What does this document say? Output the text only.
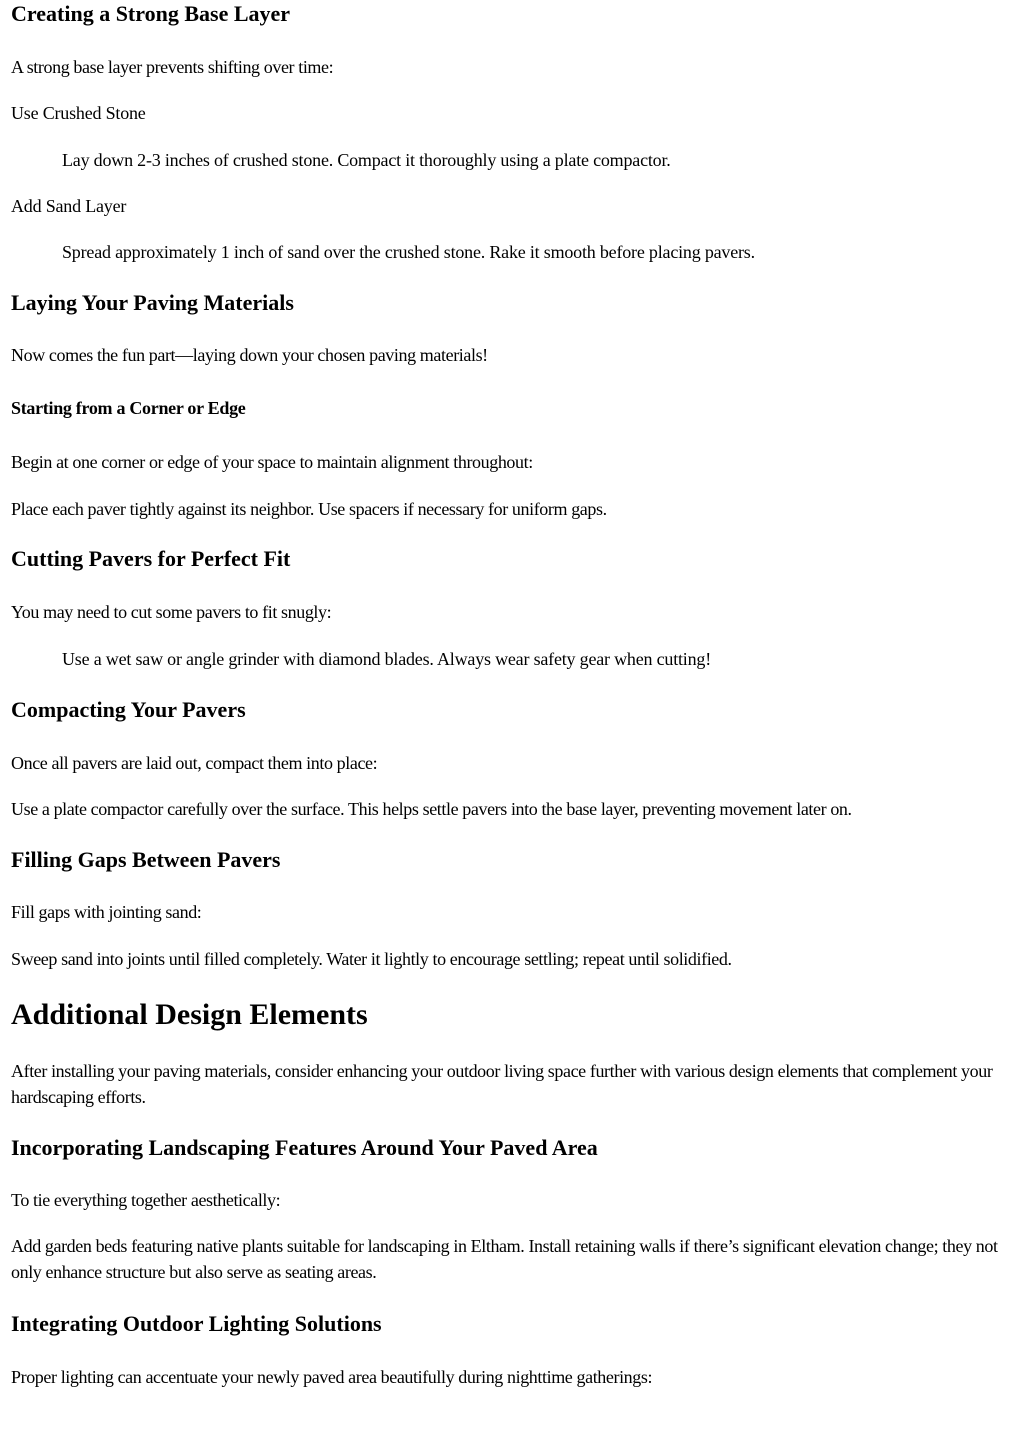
Creating a Strong Base Layer

A strong base layer prevents shifting over time:

Use Crushed Stone
Lay down 2-3 inches of crushed stone. Compact it thoroughly using a plate compactor.
Add Sand Layer
Spread approximately 1 inch of sand over the crushed stone. Rake it smooth before placing pavers.
Laying Your Paving Materials

Now comes the fun part—laying down your chosen paving materials!

Starting from a Corner or Edge

Begin at one corner or edge of your space to maintain alignment throughout:

Place each paver tightly against its neighbor. Use spacers if necessary for uniform gaps.

Cutting Pavers for Perfect Fit

You may need to cut some pavers to fit snugly:

Use a wet saw or angle grinder with diamond blades. Always wear safety gear when cutting!
Compacting Your Pavers

Once all pavers are laid out, compact them into place:

Use a plate compactor carefully over the surface. This helps settle pavers into the base layer, preventing movement later on.

Filling Gaps Between Pavers

Fill gaps with jointing sand:

Sweep sand into joints until filled completely. Water it lightly to encourage settling; repeat until solidified.

Additional Design Elements

After installing your paving materials, consider enhancing your outdoor living space further with various design elements that complement your hardscaping efforts.

Incorporating Landscaping Features Around Your Paved Area

To tie everything together aesthetically:

Add garden beds featuring native plants suitable for landscaping in Eltham. Install retaining walls if there’s significant elevation change; they not only enhance structure but also serve as seating areas.

Integrating Outdoor Lighting Solutions

Proper lighting can accentuate your newly paved area beautifully during nighttime gatherings:
